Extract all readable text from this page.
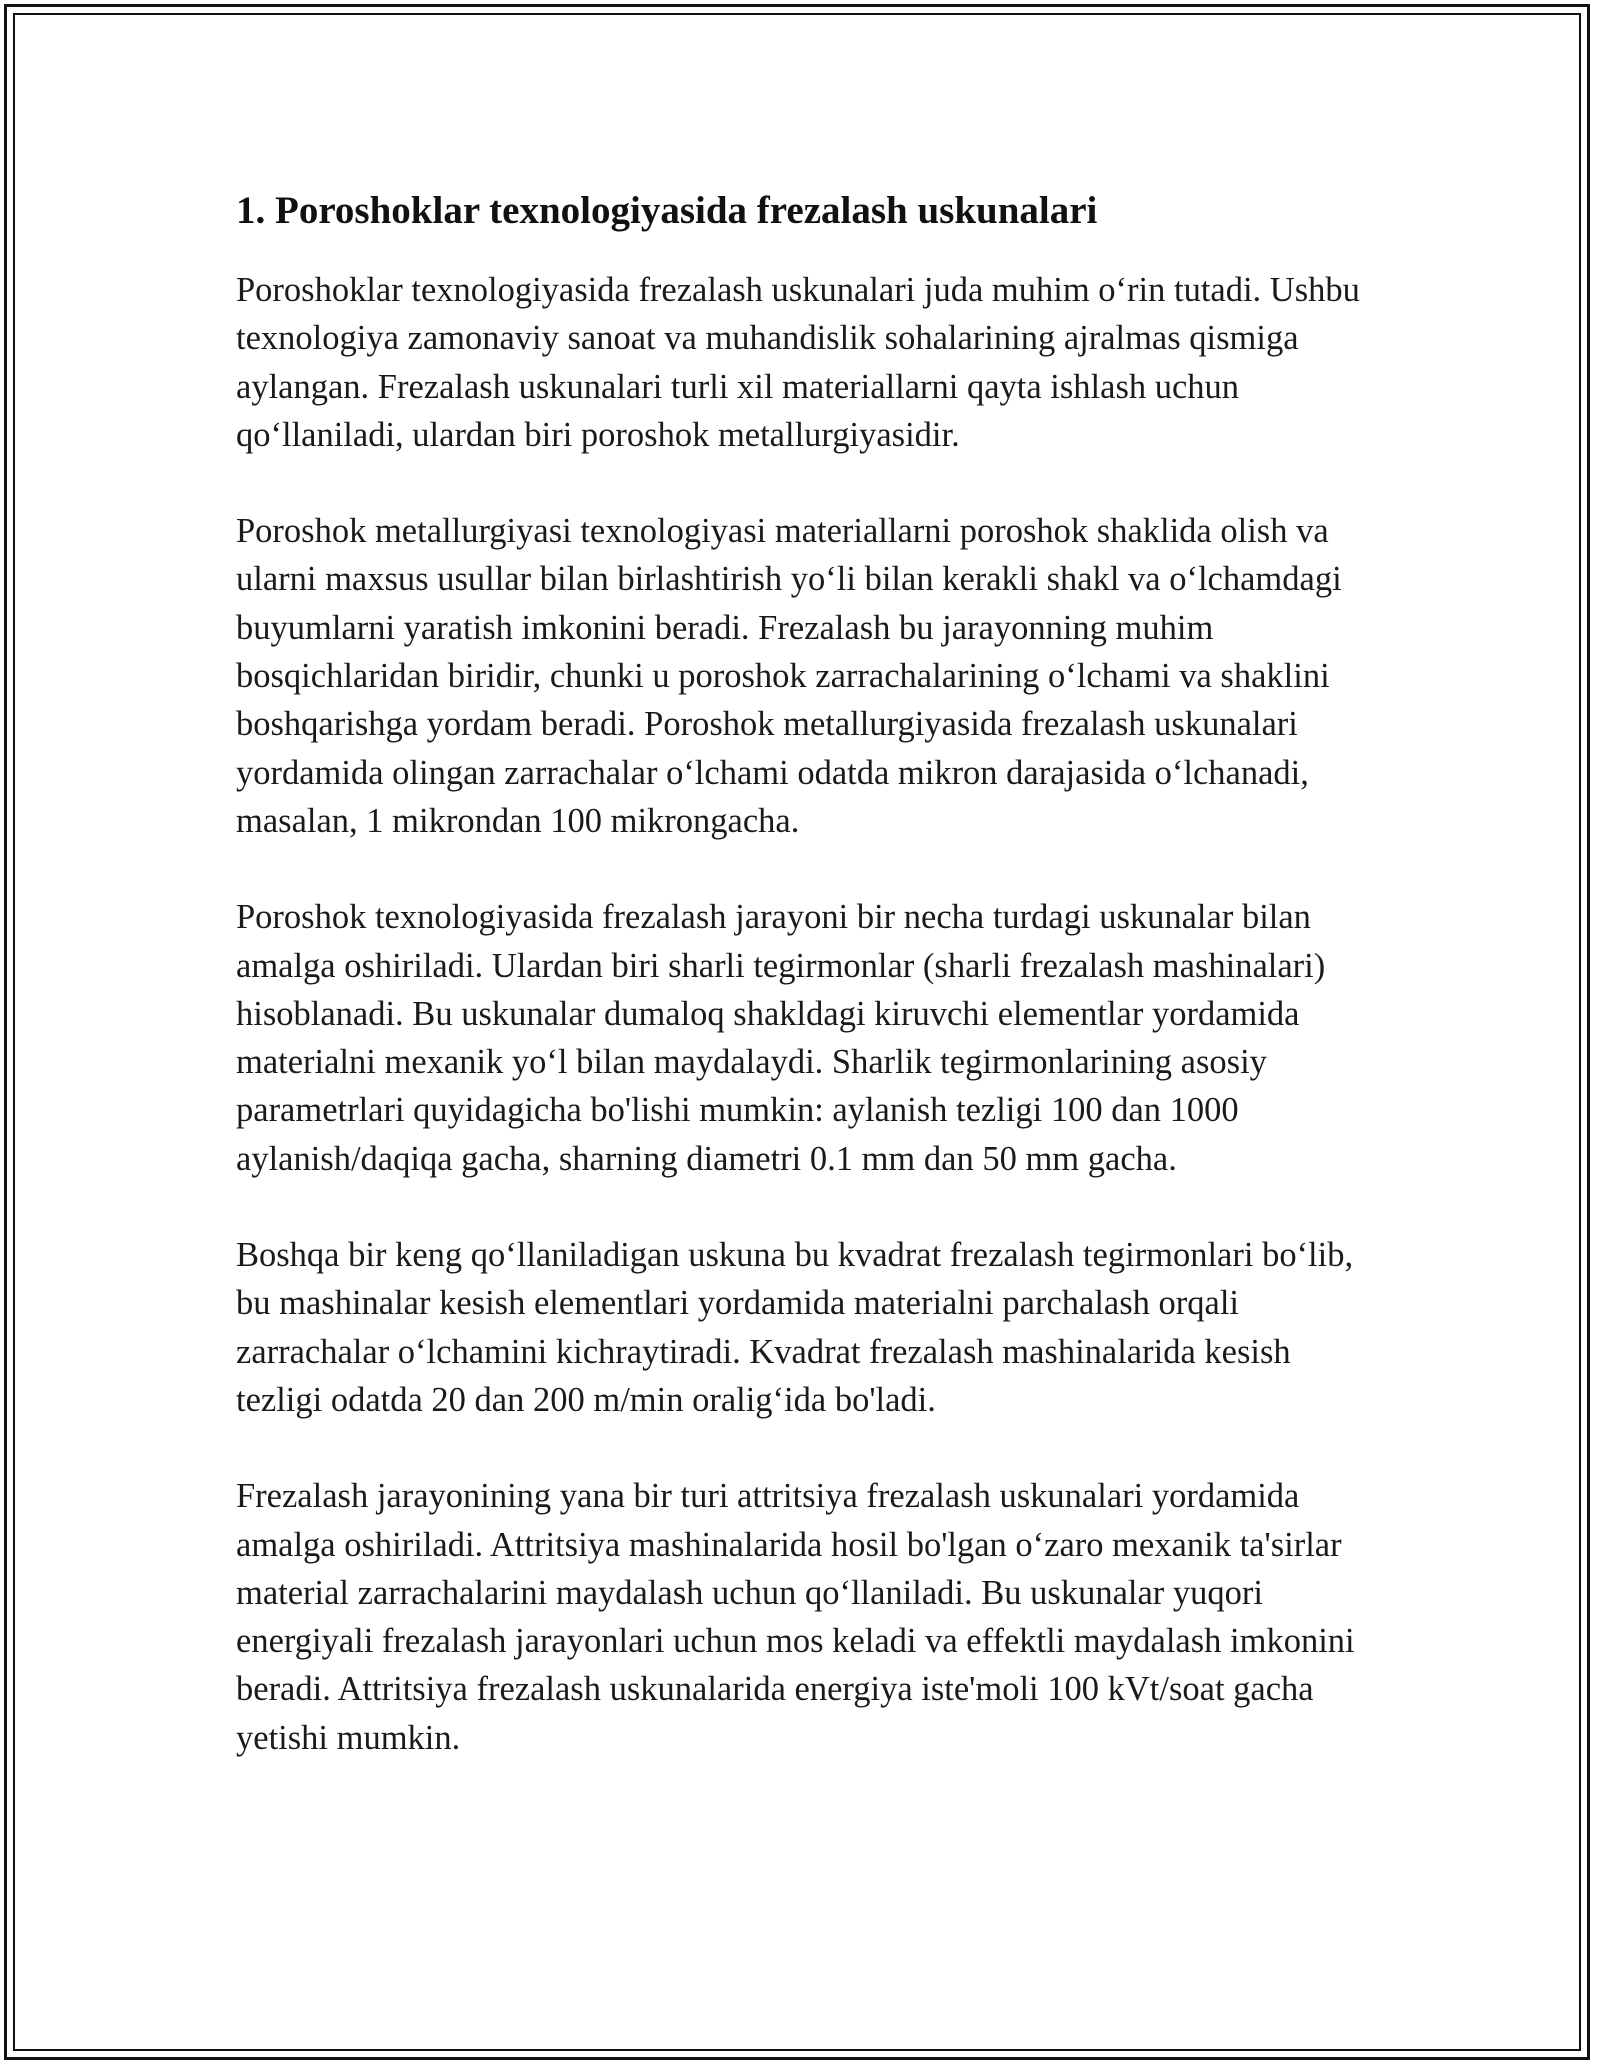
1. Poroshoklar texnologiyasida frezalash uskunalari

Poroshoklar texnologiyasida frezalash uskunalari juda muhim o‘rin tutadi. Ushbu texnologiya zamonaviy sanoat va muhandislik sohalarining ajralmas qismiga aylangan. Frezalash uskunalari turli xil materiallarni qayta ishlash uchun qo‘llaniladi, ulardan biri poroshok metallurgiyasidir.

Poroshok metallurgiyasi texnologiyasi materiallarni poroshok shaklida olish va ularni maxsus usullar bilan birlashtirish yo‘li bilan kerakli shakl va o‘lchamdagi buyumlarni yaratish imkonini beradi. Frezalash bu jarayonning muhim bosqichlaridan biridir, chunki u poroshok zarrachalarining o‘lchami va shaklini boshqarishga yordam beradi. Poroshok metallurgiyasida frezalash uskunalari yordamida olingan zarrachalar o‘lchami odatda mikron darajasida o‘lchanadi, masalan, 1 mikrondan 100 mikrongacha.

Poroshok texnologiyasida frezalash jarayoni bir necha turdagi uskunalar bilan amalga oshiriladi. Ulardan biri sharli tegirmonlar (sharli frezalash mashinalari) hisoblanadi. Bu uskunalar dumaloq shakldagi kiruvchi elementlar yordamida materialni mexanik yo‘l bilan maydalaydi. Sharlik tegirmonlarining asosiy parametrlari quyidagicha bo'lishi mumkin: aylanish tezligi 100 dan 1000 aylanish/daqiqa gacha, sharning diametri 0.1 mm dan 50 mm gacha.

Boshqa bir keng qo‘llaniladigan uskuna bu kvadrat frezalash tegirmonlari bo‘lib, bu mashinalar kesish elementlari yordamida materialni parchalash orqali zarrachalar o‘lchamini kichraytiradi. Kvadrat frezalash mashinalarida kesish tezligi odatda 20 dan 200 m/min oralig‘ida bo'ladi.

Frezalash jarayonining yana bir turi attritsiya frezalash uskunalari yordamida amalga oshiriladi. Attritsiya mashinalarida hosil bo'lgan o‘zaro mexanik ta'sirlar material zarrachalarini maydalash uchun qo‘llaniladi. Bu uskunalar yuqori energiyali frezalash jarayonlari uchun mos keladi va effektli maydalash imkonini beradi. Attritsiya frezalash uskunalarida energiya iste'moli 100 kVt/soat gacha yetishi mumkin.
